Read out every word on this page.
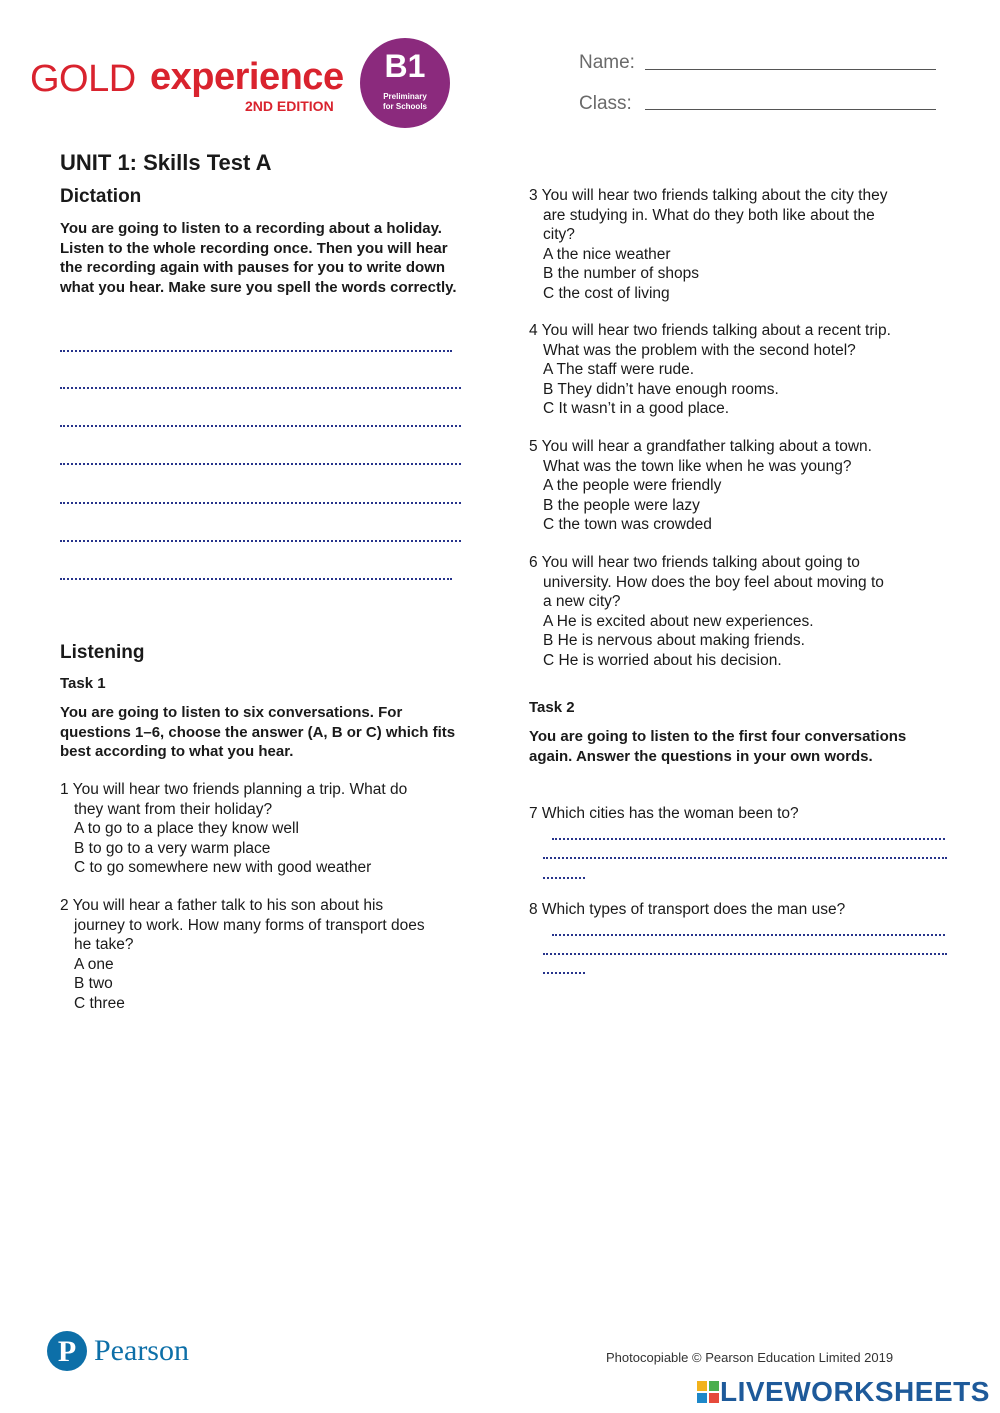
GOLD experience
2ND EDITION
B1
Preliminary
for Schools
Name:
Class:
UNIT 1: Skills Test A
Dictation
You are going to listen to a recording about a holiday. Listen to the whole recording once. Then you will hear the recording again with pauses for you to write down what you hear. Make sure you spell the words correctly.
Listening
Task 1
You are going to listen to six conversations. For questions 1–6, choose the answer (A, B or C) which fits best according to what you hear.
1 You will hear two friends planning a trip. What do
they want from their holiday?
A to go to a place they know well
B to go to a very warm place
C to go somewhere new with good weather
2 You will hear a father talk to his son about his
journey to work. How many forms of transport does
he take?
A one
B two
C three
3 You will hear two friends talking about the city they
are studying in. What do they both like about the
city?
A the nice weather
B the number of shops
C the cost of living
4 You will hear two friends talking about a recent trip.
What was the problem with the second hotel?
A The staff were rude.
B They didn’t have enough rooms.
C It wasn’t in a good place.
5 You will hear a grandfather talking about a town.
What was the town like when he was young?
A the people were friendly
B the people were lazy
C the town was crowded
6 You will hear two friends talking about going to
university. How does the boy feel about moving to
a new city?
A He is excited about new experiences.
B He is nervous about making friends.
C He is worried about his decision.
Task 2
You are going to listen to the first four conversations again. Answer the questions in your own words.
7 Which cities has the woman been to?
8 Which types of transport does the man use?
P Pearson	Photocopiable © Pearson Education Limited 2019
LIVEWORKSHEETS
